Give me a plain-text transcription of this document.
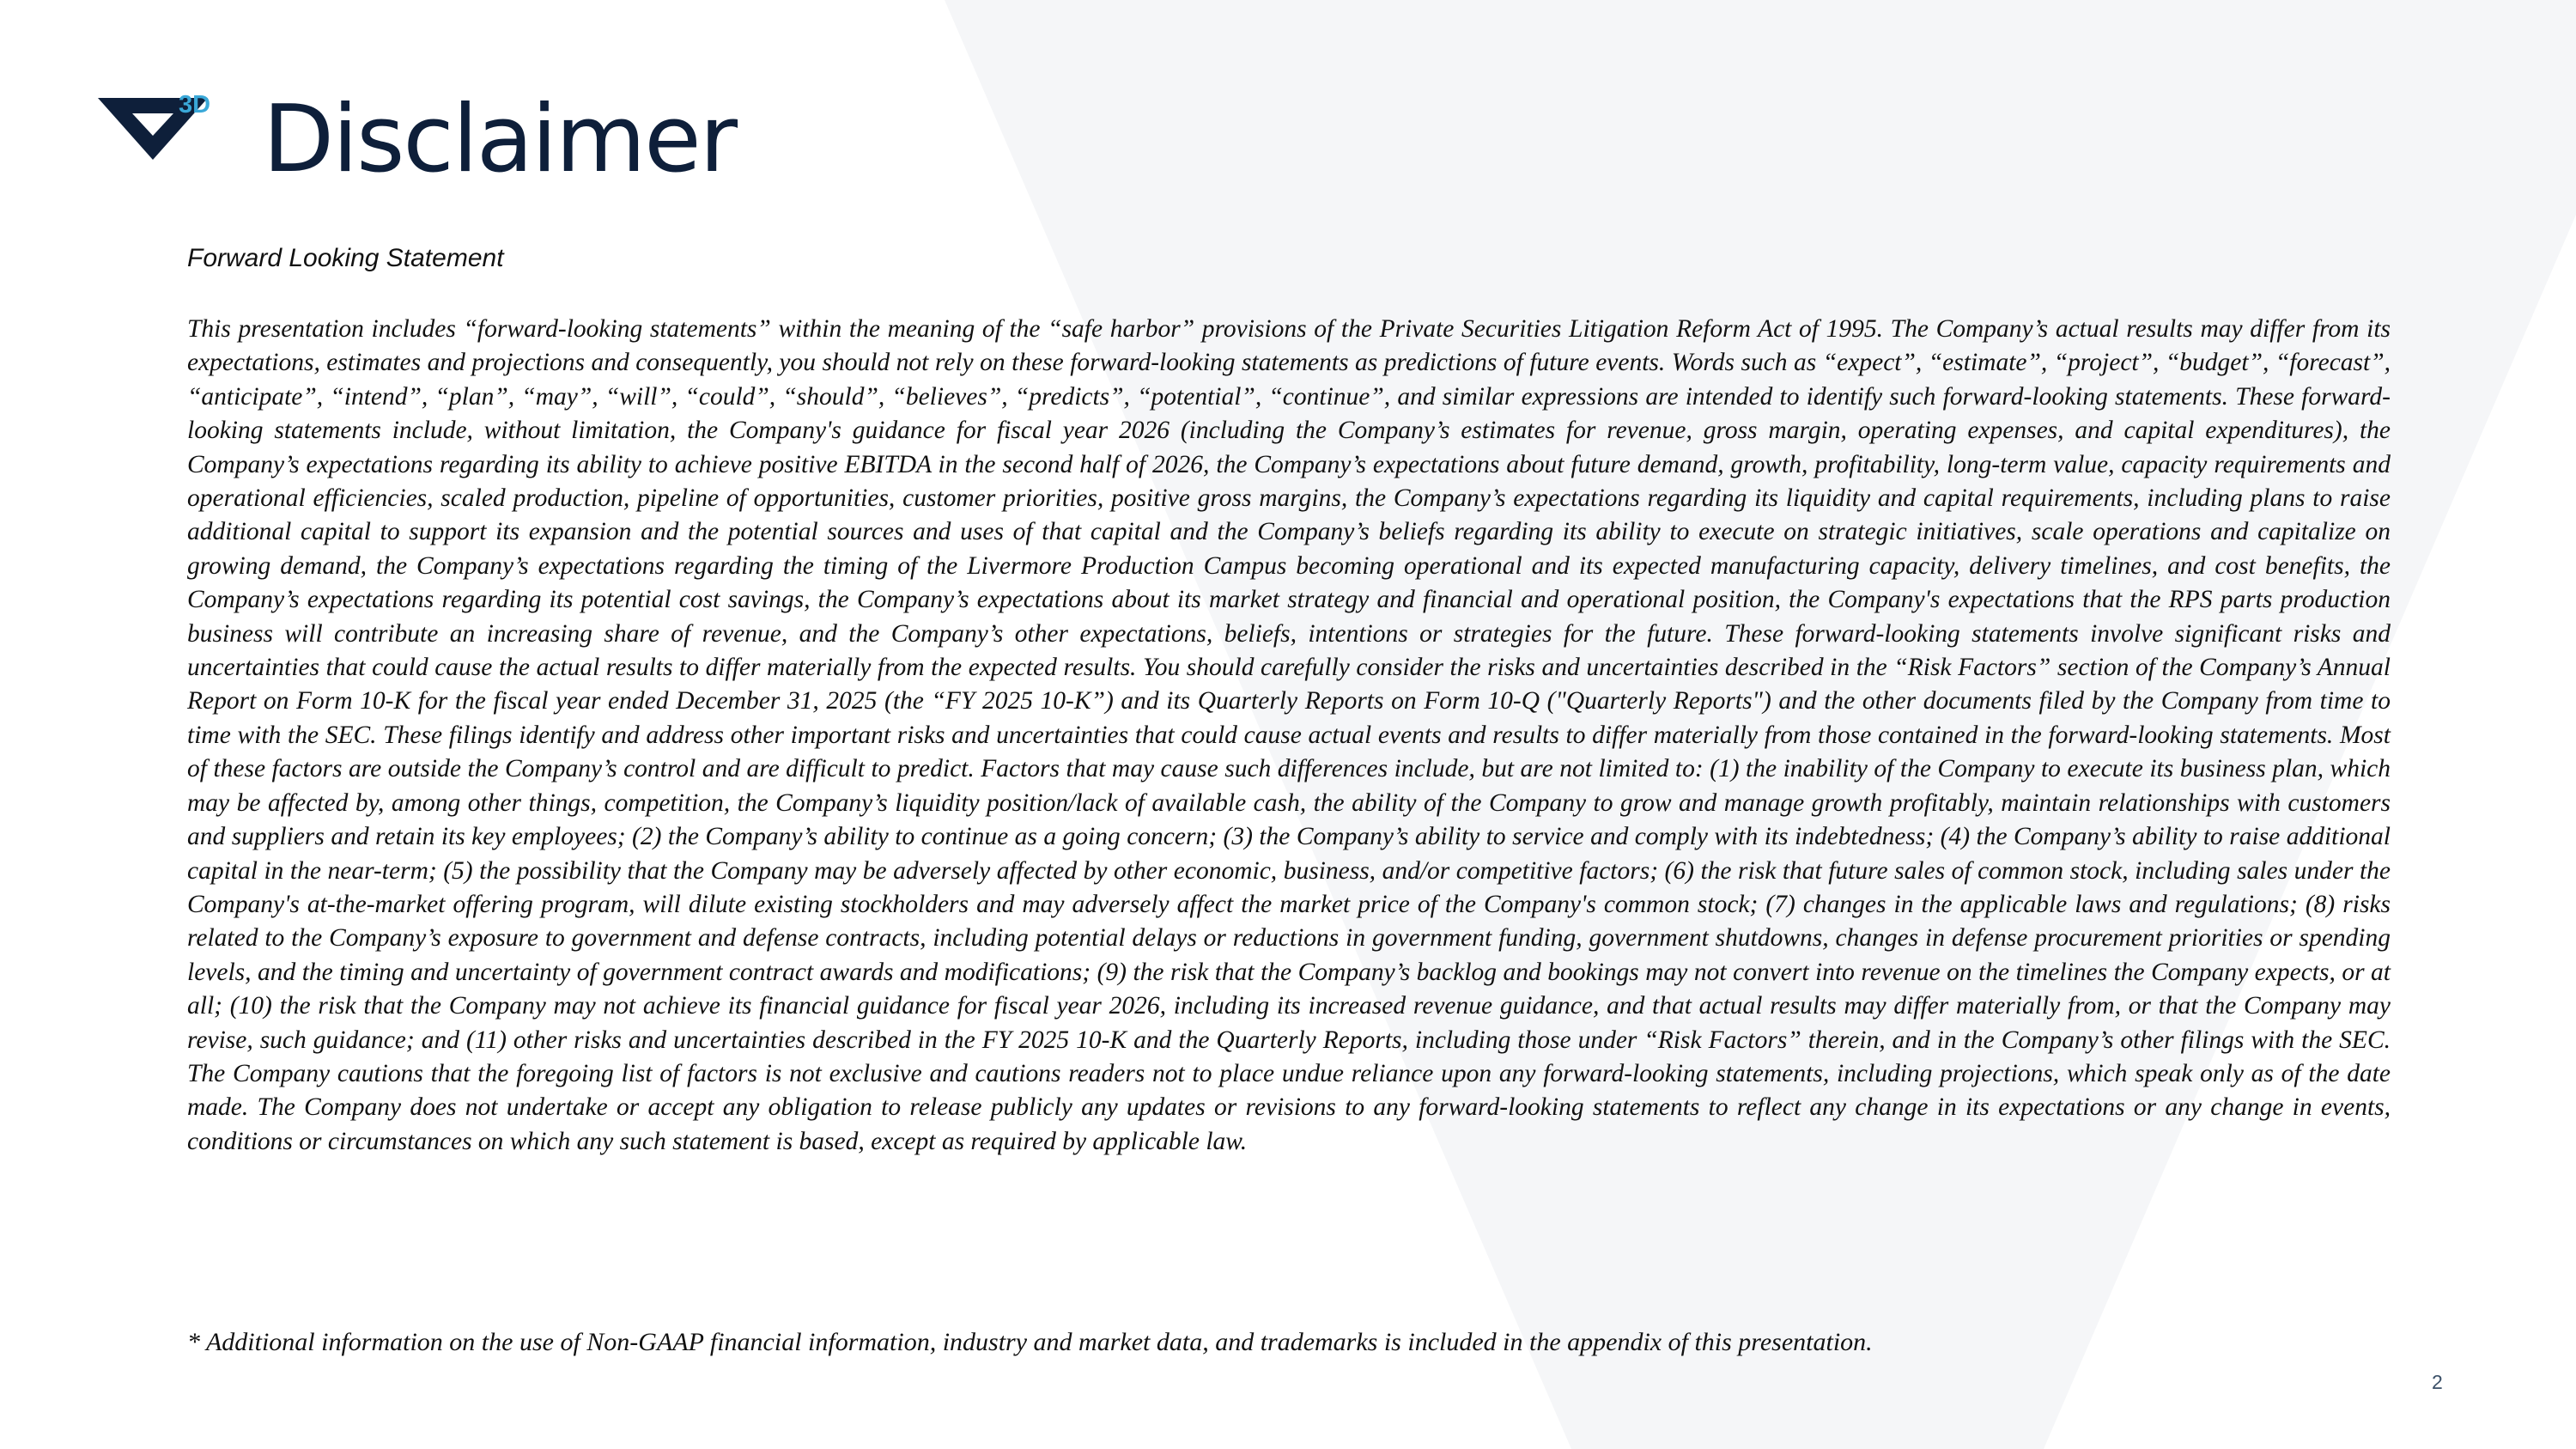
3D Disclaimer
Forward Looking Statement

This presentation includes “forward-looking statements” within the meaning of the “safe harbor” provisions of the Private Securities Litigation Reform Act of 1995. The Company’s actual results may differ from its expectations, estimates and projections and consequently, you should not rely on these forward-looking statements as predictions of future events. Words such as “expect”, “estimate”, “project”, “budget”, “forecast”, “anticipate”, “intend”, “plan”, “may”, “will”, “could”, “should”, “believes”, “predicts”, “potential”, “continue”, and similar expressions are intended to identify such forward-looking statements. These forward-looking statements include, without limitation, the Company's guidance for fiscal year 2026 (including the Company’s estimates for revenue, gross margin, operating expenses, and capital expenditures), the Company’s expectations regarding its ability to achieve positive EBITDA in the second half of 2026, the Company’s expectations about future demand, growth, profitability, long-term value, capacity requirements and operational efficiencies, scaled production, pipeline of opportunities, customer priorities, positive gross margins, the Company’s expectations regarding its liquidity and capital requirements, including plans to raise additional capital to support its expansion and the potential sources and uses of that capital and the Company’s beliefs regarding its ability to execute on strategic initiatives, scale operations and capitalize on growing demand, the Company’s expectations regarding the timing of the Livermore Production Campus becoming operational and its expected manufacturing capacity, delivery timelines, and cost benefits, the Company’s expectations regarding its potential cost savings, the Company’s expectations about its market strategy and financial and operational position, the Company's expectations that the RPS parts production business will contribute an increasing share of revenue, and the Company’s other expectations, beliefs, intentions or strategies for the future. These forward-looking statements involve significant risks and uncertainties that could cause the actual results to differ materially from the expected results. You should carefully consider the risks and uncertainties described in the “Risk Factors” section of the Company’s Annual Report on Form 10-K for the fiscal year ended December 31, 2025 (the “FY 2025 10-K”) and its Quarterly Reports on Form 10-Q ("Quarterly Reports") and the other documents filed by the Company from time to time with the SEC. These filings identify and address other important risks and uncertainties that could cause actual events and results to differ materially from those contained in the forward-looking statements. Most of these factors are outside the Company’s control and are difficult to predict. Factors that may cause such differences include, but are not limited to: (1) the inability of the Company to execute its business plan, which may be affected by, among other things, competition, the Company’s liquidity position/lack of available cash, the ability of the Company to grow and manage growth profitably, maintain relationships with customers and suppliers and retain its key employees; (2) the Company’s ability to continue as a going concern; (3) the Company’s ability to service and comply with its indebtedness; (4) the Company’s ability to raise additional capital in the near-term; (5) the possibility that the Company may be adversely affected by other economic, business, and/or competitive factors; (6) the risk that future sales of common stock, including sales under the Company's at-the-market offering program, will dilute existing stockholders and may adversely affect the market price of the Company's common stock; (7) changes in the applicable laws and regulations; (8) risks related to the Company’s exposure to government and defense contracts, including potential delays or reductions in government funding, government shutdowns, changes in defense procurement priorities or spending levels, and the timing and uncertainty of government contract awards and modifications; (9) the risk that the Company’s backlog and bookings may not convert into revenue on the timelines the Company expects, or at all; (10) the risk that the Company may not achieve its financial guidance for fiscal year 2026, including its increased revenue guidance, and that actual results may differ materially from, or that the Company may revise, such guidance; and (11) other risks and uncertainties described in the FY 2025 10-K and the Quarterly Reports, including those under “Risk Factors” therein, and in the Company’s other filings with the SEC. The Company cautions that the foregoing list of factors is not exclusive and cautions readers not to place undue reliance upon any forward-looking statements, including projections, which speak only as of the date made. The Company does not undertake or accept any obligation to release publicly any updates or revisions to any forward-looking statements to reflect any change in its expectations or any change in events, conditions or circumstances on which any such statement is based, except as required by applicable law.

* Additional information on the use of Non-GAAP financial information, industry and market data, and trademarks is included in the appendix of this presentation.
2
